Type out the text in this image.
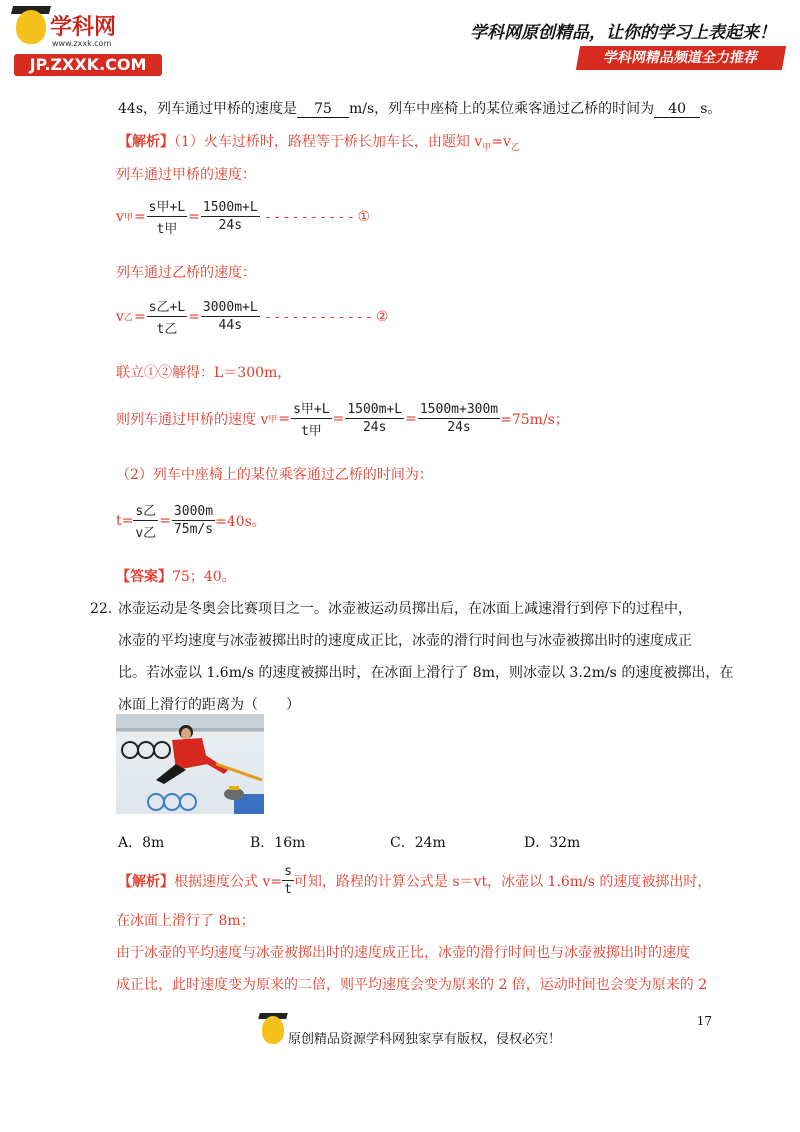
学科网
www.zxxk.com
JP.ZXXK.COM
学科网原创精品，让你的学习上表起来！
学科网精品频道全力推荐
44s，列车通过甲桥的速度是 75 m/s，列车中座椅上的某位乘客通过乙桥的时间为 40 s。
【解析】（1）火车过桥时，路程等于桥长加车长，由题知 $v_甲=v_乙$
列车通过甲桥的速度：
v 甲 = $\frac{\text{s甲+L}}{\text{t甲}} = \frac{1500m+L}{24s}$ - - - - - - - - - - ①
列车通过乙桥的速度：
v 乙 = $\frac{\text{s乙+L}}{\text{t乙}} = \frac{3000m+L}{44s}$ - - - - - - - - - - - - ②
联立①②解得：L＝300m，
则列车通过甲桥的速度 v 甲 = $\frac{\text{s甲+L}}{\text{t甲}} = \frac{1500m+L}{24s} = \frac{1500m+300m}{24s} =75m/s$；
（2）列车中座椅上的某位乘客通过乙桥的时间为：
$t= \frac{\text{s乙}}{\text{v乙}} = \frac{3000m}{75m/s} =40s$。
【答案】75；40。
22．
冰壶运动是冬奥会比赛项目之一。冰壶被运动员掷出后，在冰面上减速滑行到停下的过程中，
冰壶的平均速度与冰壶被掷出时的速度成正比，冰壶的滑行时间也与冰壶被掷出时的速度成正
比。若冰壶以 1.6m/s 的速度被掷出时，在冰面上滑行了 8m，则冰壶以 3.2m/s 的速度被掷出，在
冰面上滑行的距离为（　　）
A．8m	B．16m	C．24m	D．32m
【解析】 根据速度公式 $v= \frac{s}{t}$ 可知，路程的计算公式是 s＝vt，冰壶以 1.6m/s 的速度被掷出时，
在冰面上滑行了 8m；
由于冰壶的平均速度与冰壶被掷出时的速度成正比，冰壶的滑行时间也与冰壶被掷出时的速度
成正比，此时速度变为原来的二倍，则平均速度会变为原来的 2 倍，运动时间也会变为原来的 2
17
原创精品资源学科网独家享有版权，侵权必究！
